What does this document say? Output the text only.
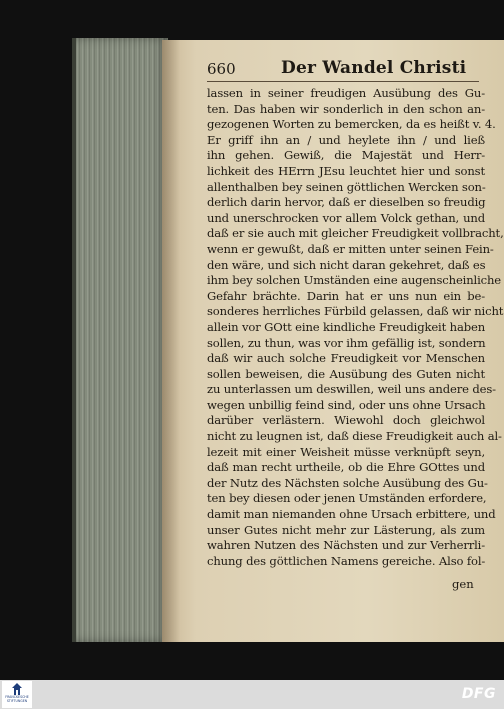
660	Der Wandel Christi
lassen in seiner freudigen Ausübung des Gu-
ten. Das haben wir sonderlich in den schon an-
gezogenen Worten zu bemercken, da es heißt v. 4.
Er griff ihn an / und heylete ihn / und ließ
ihn gehen. Gewiß, die Majestät und Herr-
lichkeit des HErrn JEsu leuchtet hier und sonst
allenthalben bey seinen göttlichen Wercken son-
derlich darin hervor, daß er dieselben so freudig
und unerschrocken vor allem Volck gethan, und
daß er sie auch mit gleicher Freudigkeit vollbracht,
wenn er gewußt, daß er mitten unter seinen Fein-
den wäre, und sich nicht daran gekehret, daß es
ihm bey solchen Umständen eine augenscheinliche
Gefahr brächte. Darin hat er uns nun ein be-
sonderes herrliches Fürbild gelassen, daß wir nicht
allein vor GOtt eine kindliche Freudigkeit haben
sollen, zu thun, was vor ihm gefällig ist, sondern
daß wir auch solche Freudigkeit vor Menschen
sollen beweisen, die Ausübung des Guten nicht
zu unterlassen um deswillen, weil uns andere des-
wegen unbillig feind sind, oder uns ohne Ursach
darüber verlästern. Wiewohl doch gleichwol
nicht zu leugnen ist, daß diese Freudigkeit auch al-
lezeit mit einer Weisheit müsse verknüpft seyn,
daß man recht urtheile, ob die Ehre GOttes und
der Nutz des Nächsten solche Ausübung des Gu-
ten bey diesen oder jenen Umständen erfordere,
damit man niemanden ohne Ursach erbittere, und
unser Gutes nicht mehr zur Lästerung, als zum
wahren Nutzen des Nächsten und zur Verherrli-
chung des göttlichen Namens gereiche. Also fol-
gen
FRANCKESCHE
STIFTUNGEN	DFG
